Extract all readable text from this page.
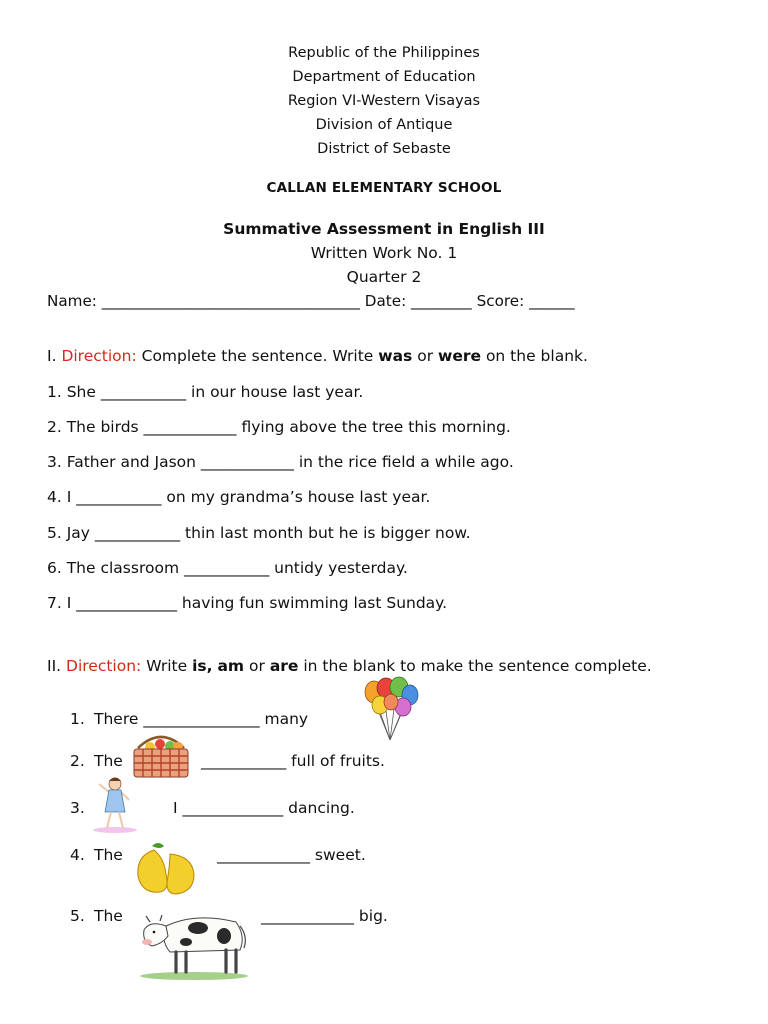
Republic of the Philippines
Department of Education
Region VI-Western Visayas
Division of Antique
District of Sebaste
CALLAN ELEMENTARY SCHOOL
Summative Assessment in English III
Written Work No. 1
Quarter 2
Name: __________________________________ Date: ________ Score: ______
I. Direction: Complete the sentence. Write was or were on the blank.
1. She ___________ in our house last year.
2. The birds ____________ flying above the tree this morning.
3. Father and Jason ____________ in the rice field a while ago.
4. I ___________ on my grandma’s house last year.
5. Jay ___________ thin last month but he is bigger now.
6. The classroom ___________ untidy yesterday.
7. I _____________ having fun swimming last Sunday.
II. Direction: Write is, am or are in the blank to make the sentence complete.
1. There _______________ many
2. The	___________ full of fruits.
3.	I _____________ dancing.
4. The	____________ sweet.
5. The	____________ big.
